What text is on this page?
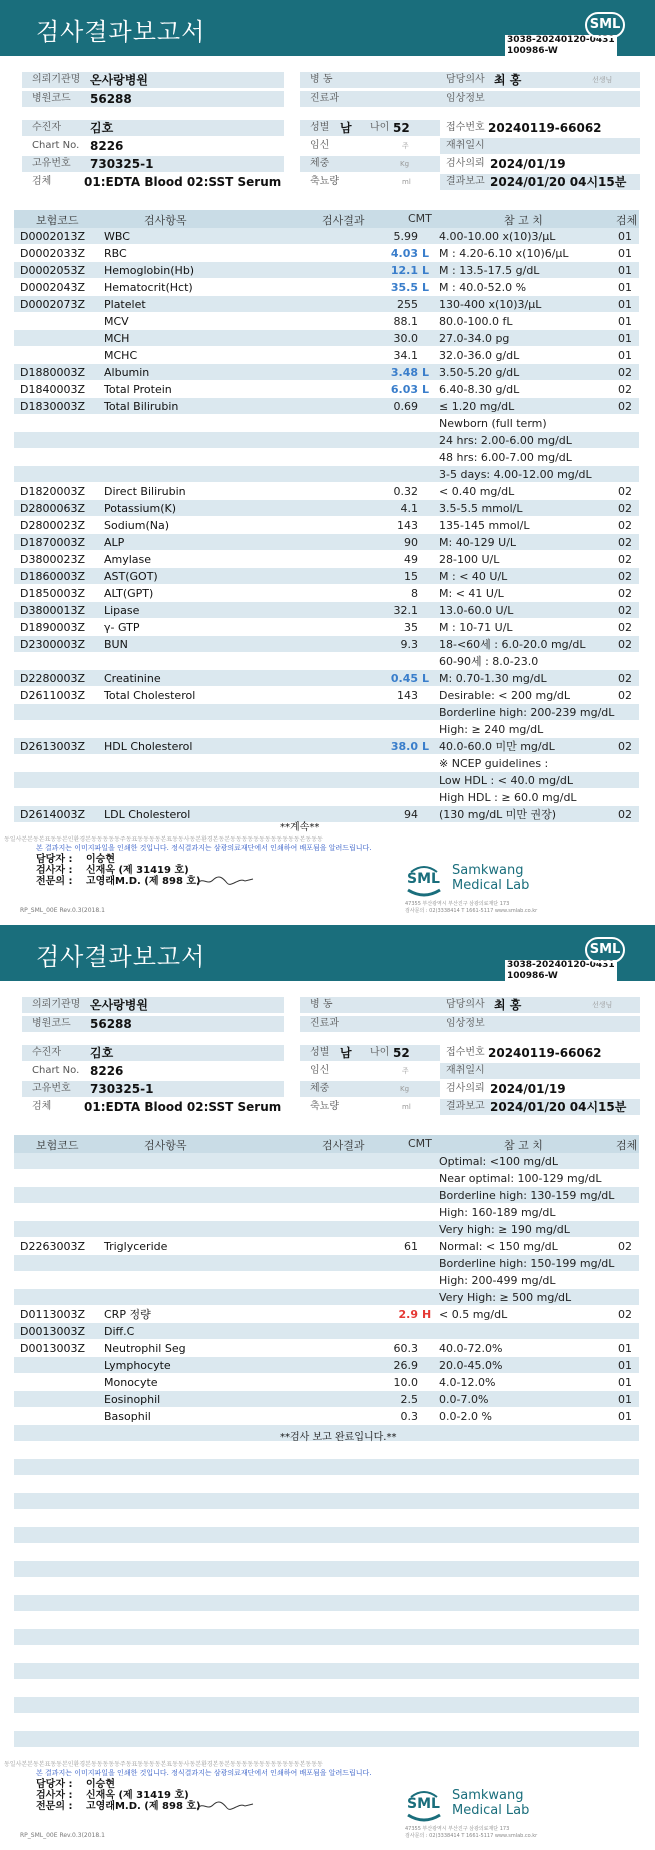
검사결과보고서	3038-20240120-0431
100986-W
SML
의뢰기관명 온사랑병원
병원코드 56288
병 동
진료과
담당의사 최 홍	선생님
임상정보
수진자 김호
Chart No. 8226
고유번호 730325-1
검체	01:EDTA Blood 02:SST Serum
성별 남 나이 52
임신	주
체중	Kg
축뇨량	ml
접수번호 20240119-66062
재취일시
검사의뢰 2024/01/19
결과보고 2024/01/20 04시15분
보험코드	검사항목	검사결과	CMT	참 고 치	검체
D0002013Z WBC	5.99 4.00-10.00 x(10)3/μL	01
D0002033Z RBC	4.03 L M : 4.20-6.10 x(10)6/μL	01
D0002053Z Hemoglobin(Hb)	12.1 L M : 13.5-17.5 g/dL	01
D0002043Z Hematocrit(Hct)	35.5 L M : 40.0-52.0 %	01
D0002073Z Platelet	255 130-400 x(10)3/μL	01
MCV	88.1 80.0-100.0 fL	01
MCH	30.0 27.0-34.0 pg	01
MCHC	34.1 32.0-36.0 g/dL	01
D1880003Z Albumin	3.48 L 3.50-5.20 g/dL	02
D1840003Z Total Protein	6.03 L 6.40-8.30 g/dL	02
D1830003Z Total Bilirubin	0.69 ≤ 1.20 mg/dL	02
Newborn (full term)
24 hrs: 2.00-6.00 mg/dL
48 hrs: 6.00-7.00 mg/dL
3-5 days: 4.00-12.00 mg/dL
D1820003Z Direct Bilirubin	0.32 < 0.40 mg/dL	02
D2800063Z Potassium(K)	4.1 3.5-5.5 mmol/L	02
D2800023Z Sodium(Na)	143 135-145 mmol/L	02
D1870003Z ALP	90 M: 40-129 U/L	02
D3800023Z Amylase	49 28-100 U/L	02
D1860003Z AST(GOT)	15 M : < 40 U/L	02
D1850003Z ALT(GPT)	8 M: < 41 U/L	02
D3800013Z Lipase	32.1 13.0-60.0 U/L	02
D1890003Z γ- GTP	35 M : 10-71 U/L	02
D2300003Z BUN	9.3 18-<60세 : 6.0-20.0 mg/dL	02
60-90세 : 8.0-23.0
D2280003Z Creatinine	0.45 L M: 0.70-1.30 mg/dL	02
D2611003Z Total Cholesterol	143 Desirable: < 200 mg/dL	02
Borderline high: 200-239 mg/dL
High: ≥ 240 mg/dL
D2613003Z HDL Cholesterol	38.0 L 40.0-60.0 미만 mg/dL	02
※ NCEP guidelines :
Low HDL : < 40.0 mg/dL
High HDL : ≥ 60.0 mg/dL
D2614003Z LDL Cholesterol	94 (130 mg/dL 미만 권장)	02
**계속**
동일사본본동본표동동본인환경본동동동동동주동표동동동동본표동동사동본환경본동본동동동동동동동동동동동동본동동동
본 결과지는 이미지파일을 인쇄한 것입니다. 정식결과지는 삼광의료재단에서 인쇄하여 배포됨을 알려드립니다.
담당자 : 이승현
검사자 : 신재옥 (제 31419 호)
전문의 : 고영래M.D. (제 898 호)
RP_SML_00E Rev.0.3(2018.1
SML
Samkwang
Medical Lab
47355 부산광역시 부산진구 삼광의료재단 173
검사문의 : 02)3338414 T 1661-5117 www.smlab.co.kr
검사결과보고서	3038-20240120-0431
100986-W
SML
의뢰기관명 온사랑병원
병원코드 56288
병 동
진료과
담당의사 최 홍	선생님
임상정보
수진자 김호
Chart No. 8226
고유번호 730325-1
검체	01:EDTA Blood 02:SST Serum
성별 남 나이 52
임신	주
체중	Kg
축뇨량	ml
접수번호 20240119-66062
재취일시
검사의뢰 2024/01/19
결과보고 2024/01/20 04시15분
보험코드	검사항목	검사결과	CMT	참 고 치	검체
Optimal: <100 mg/dL
Near optimal: 100-129 mg/dL
Borderline high: 130-159 mg/dL
High: 160-189 mg/dL
Very high: ≥ 190 mg/dL
D2263003Z Triglyceride	61 Normal: < 150 mg/dL	02
Borderline high: 150-199 mg/dL
High: 200-499 mg/dL
Very High: ≥ 500 mg/dL
D0113003Z CRP 정량	2.9 H < 0.5 mg/dL	02
D0013003Z Diff.C
D0013003Z Neutrophil Seg	60.3 40.0-72.0%	01
Lymphocyte	26.9 20.0-45.0%	01
Monocyte	10.0 4.0-12.0%	01
Eosinophil	2.5 0.0-7.0%	01
Basophil	0.3 0.0-2.0 %	01
**검사 보고 완료입니다.**
동일사본본동본표동동본인환경본동동동동동주동표동동동동본표동동사동본환경본동본동동동동동동동동동동동동본동동동
본 결과지는 이미지파일을 인쇄한 것입니다. 정식결과지는 삼광의료재단에서 인쇄하여 배포됨을 알려드립니다.
담당자 : 이승현
검사자 : 신재옥 (제 31419 호)
전문의 : 고영래M.D. (제 898 호)
RP_SML_00E Rev.0.3(2018.1
SML
Samkwang
Medical Lab
47355 부산광역시 부산진구 삼광의료재단 173
검사문의 : 02)3338414 T 1661-5117 www.smlab.co.kr
